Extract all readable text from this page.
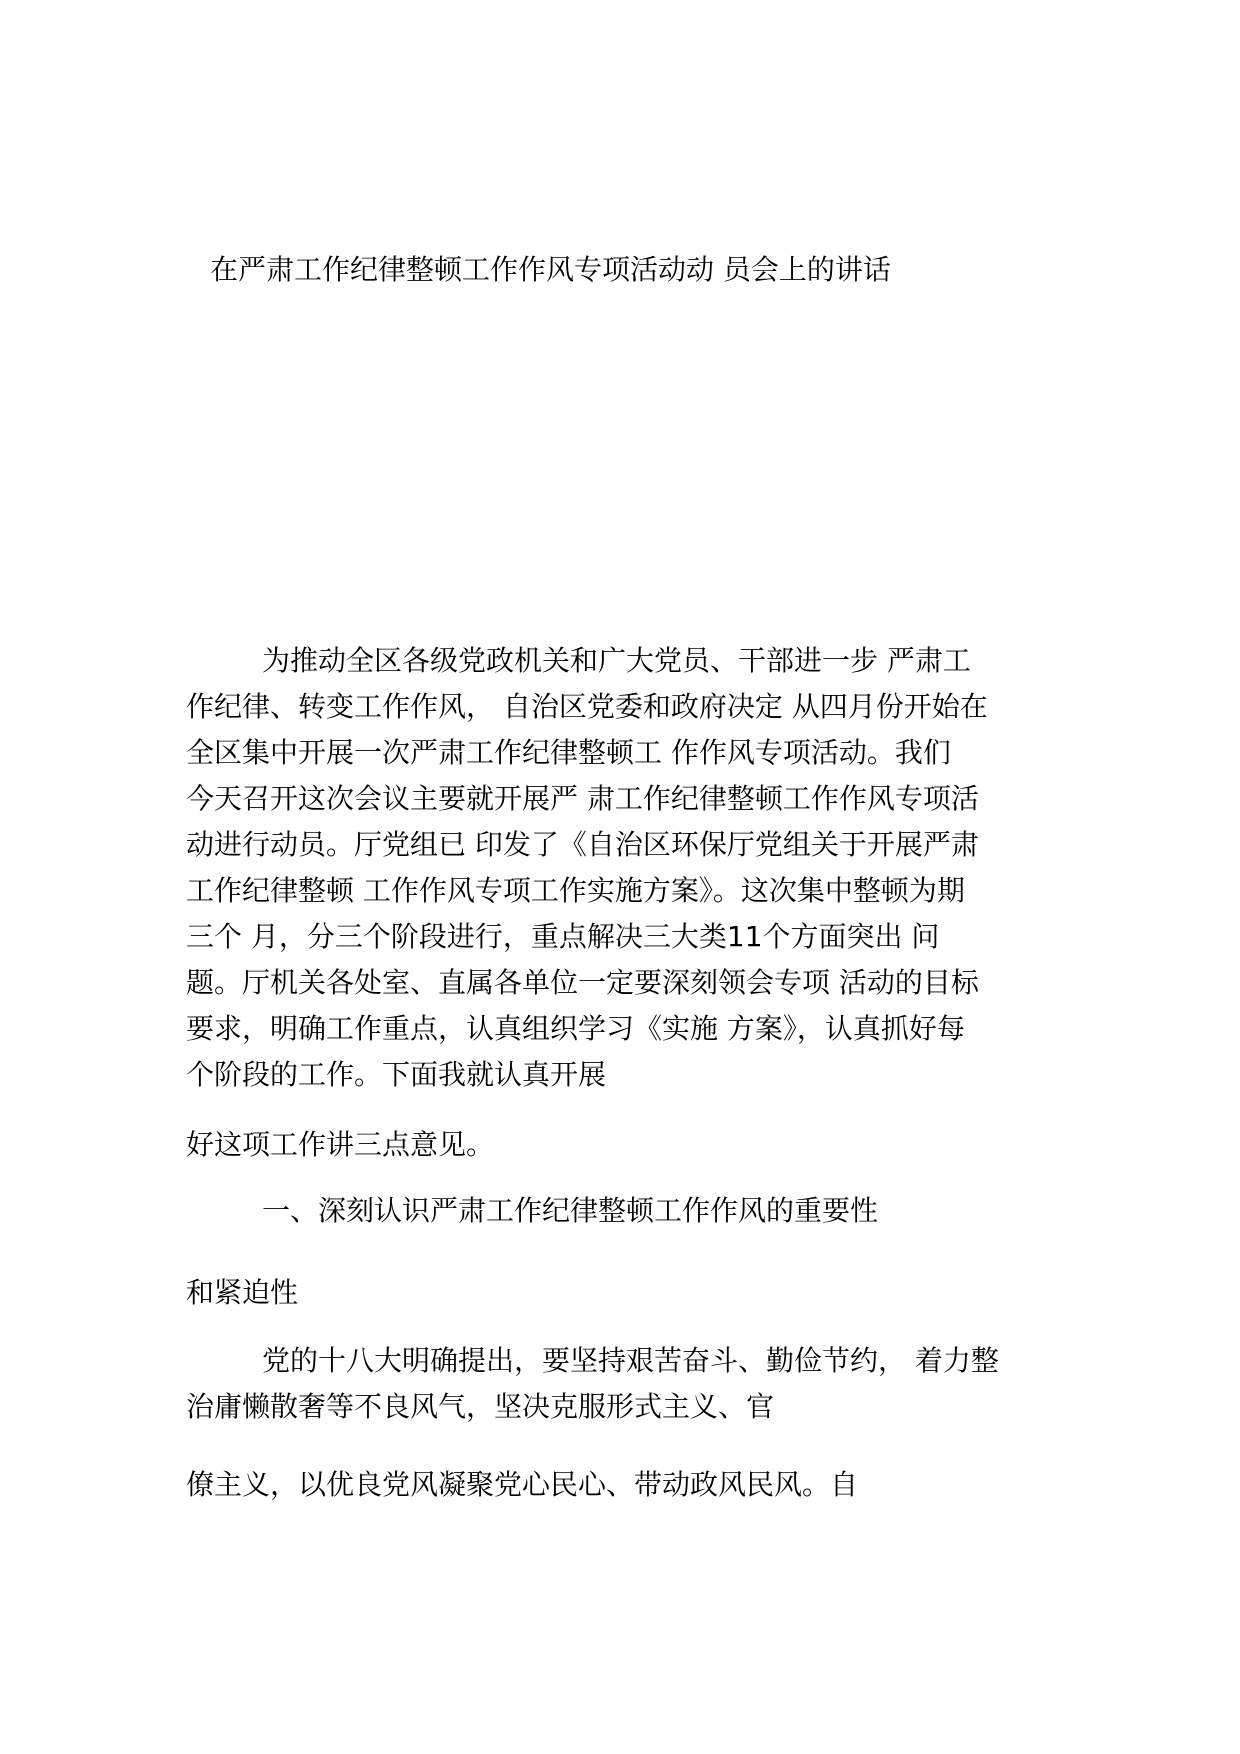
在严肃工作纪律整顿工作作风专项活动动 员会上的讲话
为推动全区各级党政机关和广大党员、干部进一步 严肃工
作纪律、转变工作作风， 自治区党委和政府决定 从四月份开始在
全区集中开展一次严肃工作纪律整顿工 作作风专项活动。我们
今天召开这次会议主要就开展严 肃工作纪律整顿工作作风专项活
动进行动员。厅党组已 印发了《自治区环保厅党组关于开展严肃
工作纪律整顿 工作作风专项工作实施方案》。这次集中整顿为期
三个 月，分三个阶段进行，重点解决三大类11个方面突出 问
题。厅机关各处室、直属各单位一定要深刻领会专项 活动的目标
要求，明确工作重点，认真组织学习《实施 方案》，认真抓好每
个阶段的工作。下面我就认真开展
好这项工作讲三点意见。
一、深刻认识严肃工作纪律整顿工作作风的重要性
和紧迫性
党的十八大明确提出，要坚持艰苦奋斗、勤俭节约， 着力整
治庸懒散奢等不良风气，坚决克服形式主义、官
僚主义，以优良党风凝聚党心民心、带动政风民风。自
